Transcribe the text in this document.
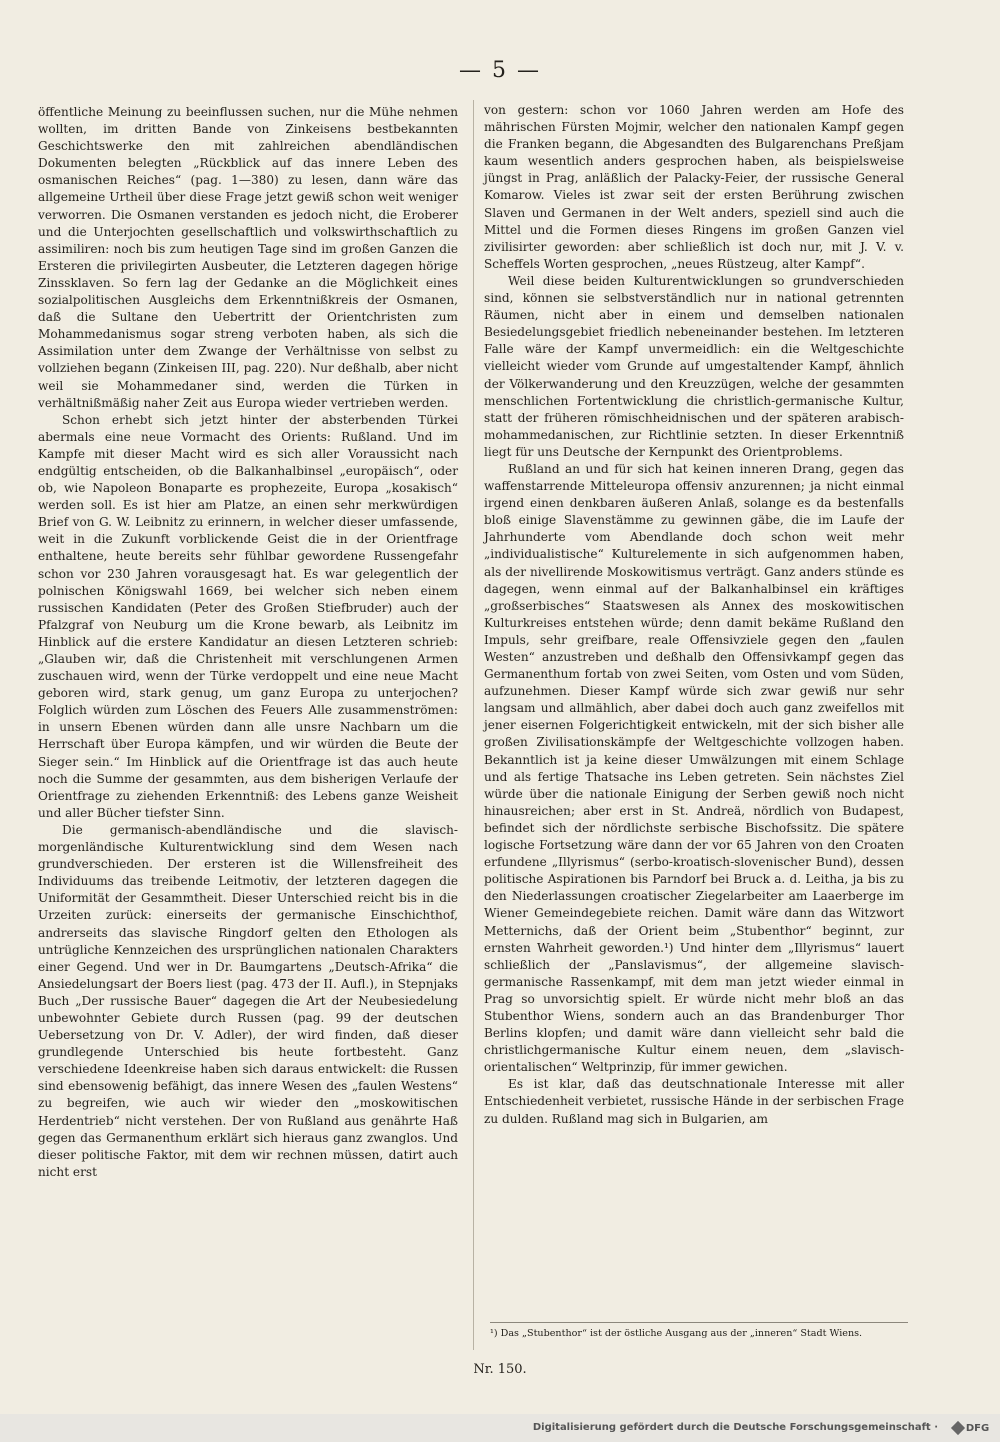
— 5 —

öffentliche Meinung zu beeinflussen suchen, nur die Mühe nehmen wollten, im dritten Bande von Zinkeisens bestbekannten Geschichtswerke den mit zahlreichen abendländischen Dokumenten belegten „Rückblick auf das innere Leben des osmanischen Reiches“ (pag. 1—380) zu lesen, dann wäre das allgemeine Urtheil über diese Frage jetzt gewiß schon weit weniger verworren. Die Osmanen verstanden es jedoch nicht, die Eroberer und die Unterjochten gesellschaftlich und volkswirthschaftlich zu assimiliren: noch bis zum heutigen Tage sind im großen Ganzen die Ersteren die privilegirten Ausbeuter, die Letzteren dagegen hörige Zinssklaven. So fern lag der Gedanke an die Möglichkeit eines sozialpolitischen Ausgleichs dem Erkenntnißkreis der Osmanen, daß die Sultane den Uebertritt der Orientchristen zum Mohammedanismus sogar streng verboten haben, als sich die Assimilation unter dem Zwange der Verhältnisse von selbst zu vollziehen begann (Zinkeisen III, pag. 220). Nur deßhalb, aber nicht weil sie Mohammedaner sind, werden die Türken in verhältnißmäßig naher Zeit aus Europa wieder vertrieben werden.

Schon erhebt sich jetzt hinter der absterbenden Türkei abermals eine neue Vormacht des Orients: Rußland. Und im Kampfe mit dieser Macht wird es sich aller Voraussicht nach endgültig entscheiden, ob die Balkanhalbinsel „europäisch“, oder ob, wie Napoleon Bonaparte es prophezeite, Europa „kosakisch“ werden soll. Es ist hier am Platze, an einen sehr merkwürdigen Brief von G. W. Leibnitz zu erinnern, in welcher dieser umfassende, weit in die Zukunft vorblickende Geist die in der Orientfrage enthaltene, heute bereits sehr fühlbar gewordene Russengefahr schon vor 230 Jahren vorausgesagt hat. Es war gelegentlich der polnischen Königswahl 1669, bei welcher sich neben einem russischen Kandidaten (Peter des Großen Stiefbruder) auch der Pfalzgraf von Neuburg um die Krone bewarb, als Leibnitz im Hinblick auf die erstere Kandidatur an diesen Letzteren schrieb: „Glauben wir, daß die Christenheit mit verschlungenen Armen zuschauen wird, wenn der Türke verdoppelt und eine neue Macht geboren wird, stark genug, um ganz Europa zu unterjochen? Folglich würden zum Löschen des Feuers Alle zusammenströmen: in unsern Ebenen würden dann alle unsre Nachbarn um die Herrschaft über Europa kämpfen, und wir würden die Beute der Sieger sein.“ Im Hinblick auf die Orientfrage ist das auch heute noch die Summe der gesammten, aus dem bisherigen Verlaufe der Orientfrage zu ziehenden Erkenntniß: des Lebens ganze Weisheit und aller Bücher tiefster Sinn.

Die germanisch-abendländische und die slavisch-morgenländische Kulturentwicklung sind dem Wesen nach grundverschieden. Der ersteren ist die Willensfreiheit des Individuums das treibende Leitmotiv, der letzteren dagegen die Uniformität der Gesammtheit. Dieser Unterschied reicht bis in die Urzeiten zurück: einerseits der germanische Einschichthof, andrerseits das slavische Ringdorf gelten den Ethologen als untrügliche Kennzeichen des ursprünglichen nationalen Charakters einer Gegend. Und wer in Dr. Baumgartens „Deutsch-Afrika“ die Ansiedelungsart der Boers liest (pag. 473 der II. Aufl.), in Stepnjaks Buch „Der russische Bauer“ dagegen die Art der Neubesiedelung unbewohnter Gebiete durch Russen (pag. 99 der deutschen Uebersetzung von Dr. V. Adler), der wird finden, daß dieser grundlegende Unterschied bis heute fortbesteht. Ganz verschiedene Ideenkreise haben sich daraus entwickelt: die Russen sind ebensowenig befähigt, das innere Wesen des „faulen Westens“ zu begreifen, wie auch wir wieder den „moskowitischen Herdentrieb“ nicht verstehen. Der von Rußland aus genährte Haß gegen das Germanenthum erklärt sich hieraus ganz zwanglos. Und dieser politische Faktor, mit dem wir rechnen müssen, datirt auch nicht erst

von gestern: schon vor 1060 Jahren werden am Hofe des mährischen Fürsten Mojmir, welcher den nationalen Kampf gegen die Franken begann, die Abgesandten des Bulgarenchans Preßjam kaum wesentlich anders gesprochen haben, als beispielsweise jüngst in Prag, anläßlich der Palacky-Feier, der russische General Komarow. Vieles ist zwar seit der ersten Berührung zwischen Slaven und Germanen in der Welt anders, speziell sind auch die Mittel und die Formen dieses Ringens im großen Ganzen viel zivilisirter geworden: aber schließlich ist doch nur, mit J. V. v. Scheffels Worten gesprochen, „neues Rüstzeug, alter Kampf“.

Weil diese beiden Kulturentwicklungen so grundverschieden sind, können sie selbstverständlich nur in national getrennten Räumen, nicht aber in einem und demselben nationalen Besiedelungsgebiet friedlich nebeneinander bestehen. Im letzteren Falle wäre der Kampf unvermeidlich: ein die Weltgeschichte vielleicht wieder vom Grunde auf umgestaltender Kampf, ähnlich der Völkerwanderung und den Kreuzzügen, welche der gesammten menschlichen Fortentwicklung die christlich-germanische Kultur, statt der früheren römischheidnischen und der späteren arabisch-mohammedanischen, zur Richtlinie setzten. In dieser Erkenntniß liegt für uns Deutsche der Kernpunkt des Orientproblems.

Rußland an und für sich hat keinen inneren Drang, gegen das waffenstarrende Mitteleuropa offensiv anzurennen; ja nicht einmal irgend einen denkbaren äußeren Anlaß, solange es da bestenfalls bloß einige Slavenstämme zu gewinnen gäbe, die im Laufe der Jahrhunderte vom Abendlande doch schon weit mehr „individualistische“ Kulturelemente in sich aufgenommen haben, als der nivellirende Moskowitismus verträgt. Ganz anders stünde es dagegen, wenn einmal auf der Balkanhalbinsel ein kräftiges „großserbisches“ Staatswesen als Annex des moskowitischen Kulturkreises entstehen würde; denn damit bekäme Rußland den Impuls, sehr greifbare, reale Offensivziele gegen den „faulen Westen“ anzustreben und deßhalb den Offensivkampf gegen das Germanenthum fortab von zwei Seiten, vom Osten und vom Süden, aufzunehmen. Dieser Kampf würde sich zwar gewiß nur sehr langsam und allmählich, aber dabei doch auch ganz zweifellos mit jener eisernen Folgerichtigkeit entwickeln, mit der sich bisher alle großen Zivilisationskämpfe der Weltgeschichte vollzogen haben. Bekanntlich ist ja keine dieser Umwälzungen mit einem Schlage und als fertige Thatsache ins Leben getreten. Sein nächstes Ziel würde über die nationale Einigung der Serben gewiß noch nicht hinausreichen; aber erst in St. Andreä, nördlich von Budapest, befindet sich der nördlichste serbische Bischofssitz. Die spätere logische Fortsetzung wäre dann der vor 65 Jahren von den Croaten erfundene „Illyrismus“ (serbo-kroatisch-slovenischer Bund), dessen politische Aspirationen bis Parndorf bei Bruck a. d. Leitha, ja bis zu den Niederlassungen croatischer Ziegelarbeiter am Laaerberge im Wiener Gemeindegebiete reichen. Damit wäre dann das Witzwort Metternichs, daß der Orient beim „Stubenthor“ beginnt, zur ernsten Wahrheit geworden.¹) Und hinter dem „Illyrismus“ lauert schließlich der „Panslavismus“, der allgemeine slavisch-germanische Rassenkampf, mit dem man jetzt wieder einmal in Prag so unvorsichtig spielt. Er würde nicht mehr bloß an das Stubenthor Wiens, sondern auch an das Brandenburger Thor Berlins klopfen; und damit wäre dann vielleicht sehr bald die christlichgermanische Kultur einem neuen, dem „slavisch-orientalischen“ Weltprinzip, für immer gewichen.

Es ist klar, daß das deutschnationale Interesse mit aller Entschiedenheit verbietet, russische Hände in der serbischen Frage zu dulden. Rußland mag sich in Bulgarien, am

¹) Das „Stubenthor“ ist der östliche Ausgang aus der „inneren“ Stadt Wiens.
Nr. 150.
Digitalisierung gefördert durch die Deutsche Forschungsgemeinschaft ·	DFG
